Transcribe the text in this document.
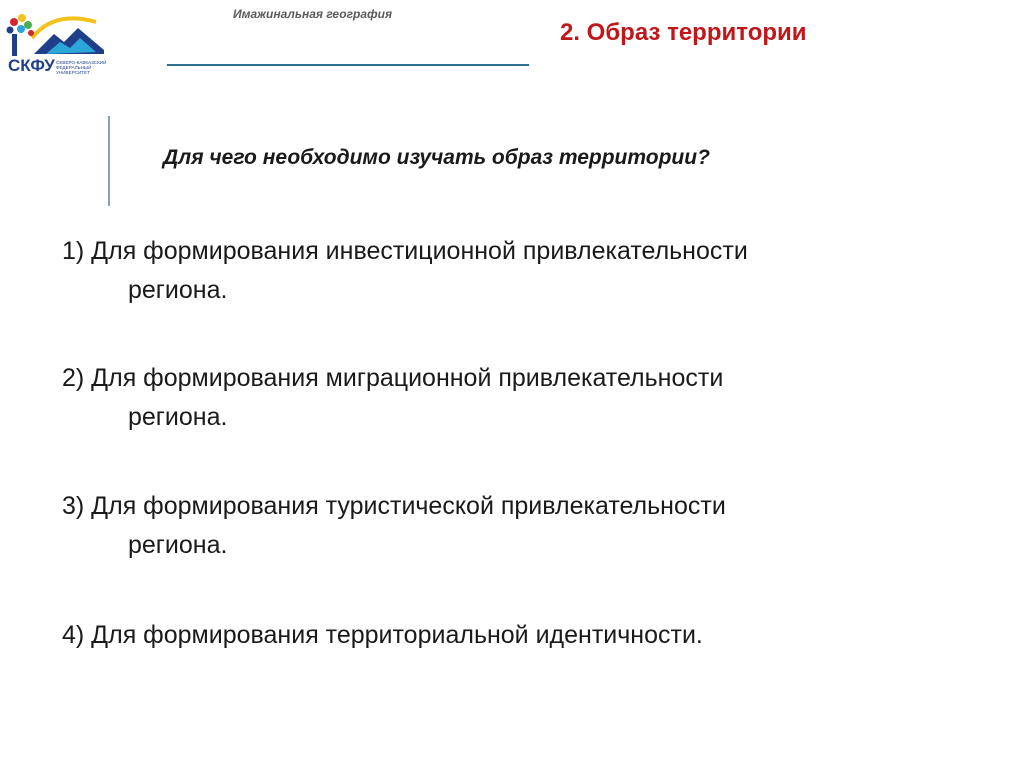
СКФУ СЕВЕРО-КАВКАЗСКИЙ ФЕДЕРАЛЬНЫЙ УНИВЕРСИТЕТ
Имажинальная география
2. Образ территории
Для чего необходимо изучать образ территории?
1) Для формирования инвестиционной привлекательности
региона.
2) Для формирования миграционной привлекательности
региона.
3) Для формирования туристической привлекательности
региона.
4) Для формирования территориальной идентичности.
